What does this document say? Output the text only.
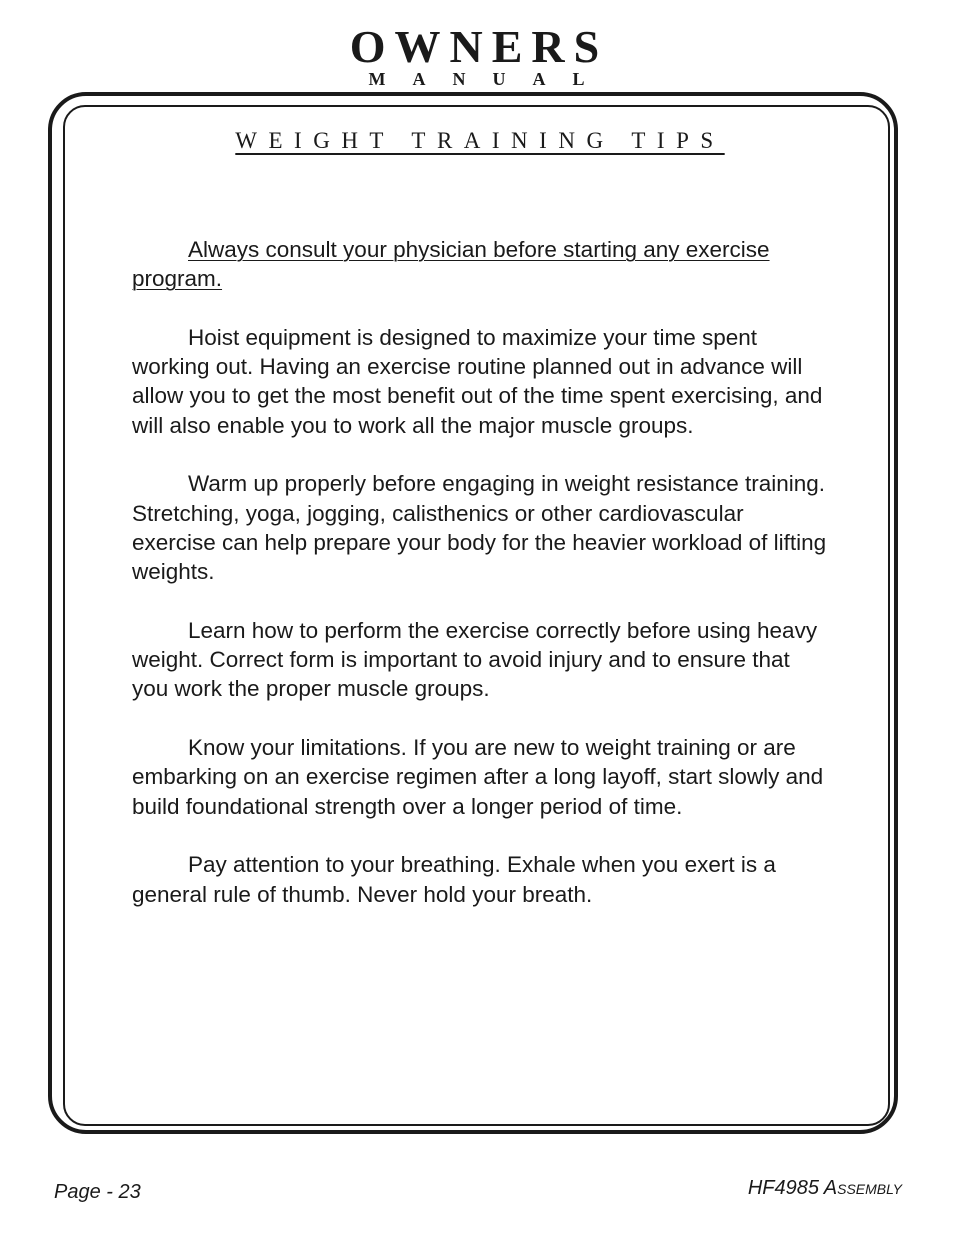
OWNERS
MANUAL
WEIGHT TRAINING TIPS

Always consult your physician before starting any exercise program.

Hoist equipment is designed to maximize your time spent working out. Having an exercise routine planned out in advance will allow you to get the most benefit out of the time spent exercising, and will also enable you to work all the major muscle groups.

Warm up properly before engaging in weight resistance training. Stretching, yoga, jogging, calisthenics or other cardiovascular exercise can help prepare your body for the heavier workload of lifting weights.

Learn how to perform the exercise correctly before using heavy weight. Correct form is important to avoid injury and to ensure that you work the proper muscle groups.

Know your limitations. If you are new to weight training or are embarking on an exercise regimen after a long layoff, start slowly and build foundational strength over a longer period of time.

Pay attention to your breathing. Exhale when you exert is a general rule of thumb. Never hold your breath.

Page - 23	HF4985 Assembly
